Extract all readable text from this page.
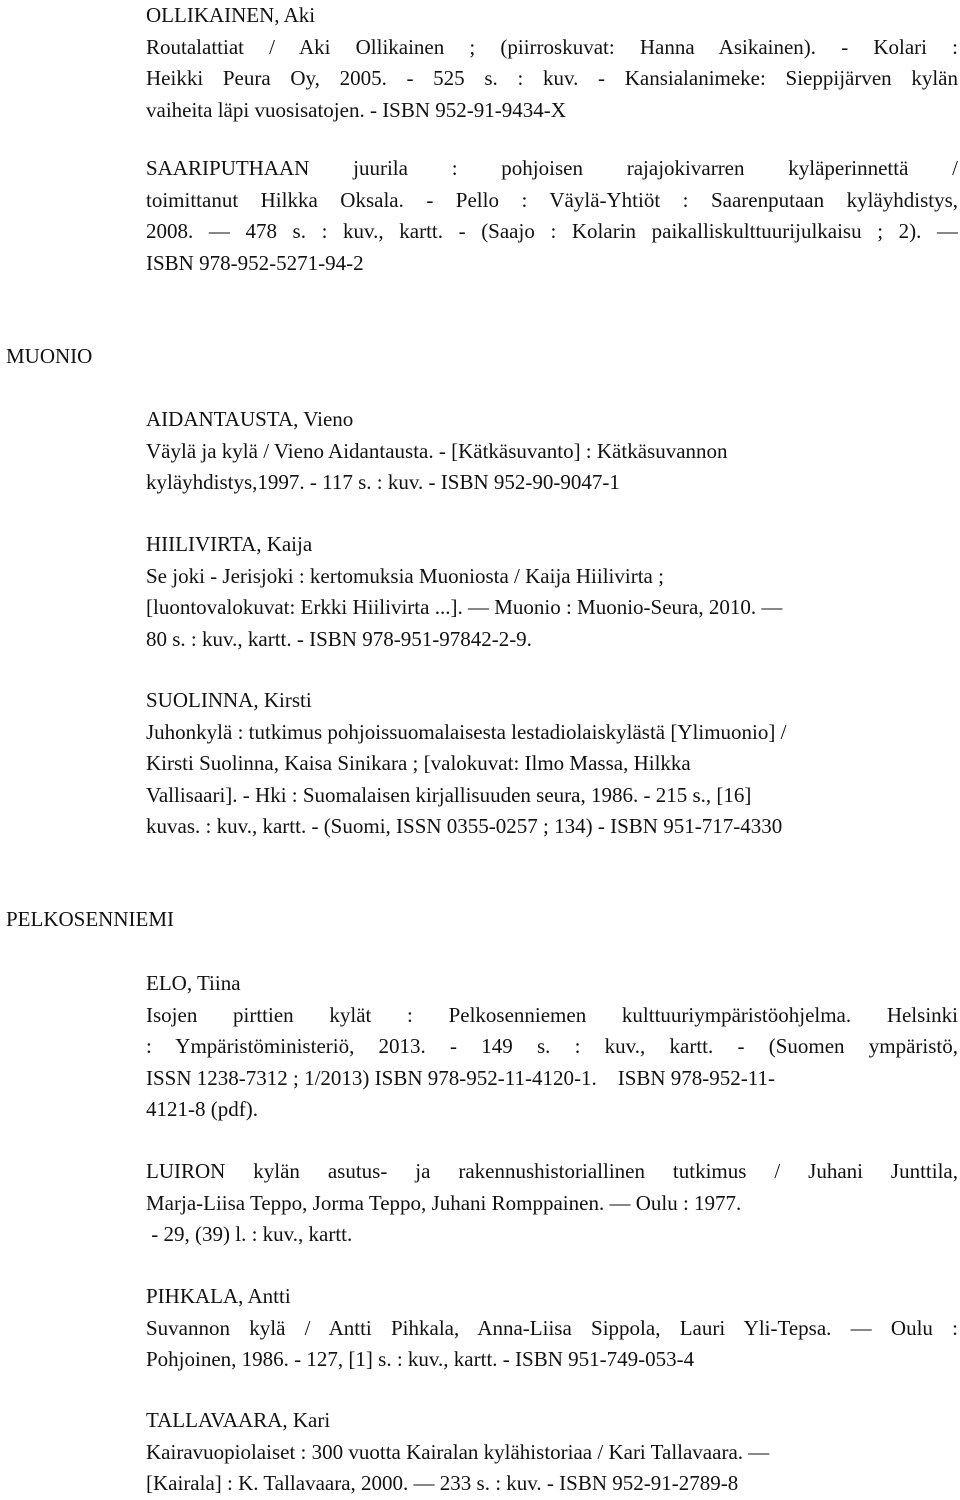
OLLIKAINEN, Aki
Routalattiat / Aki Ollikainen ; (piirroskuvat: Hanna Asikainen). - Kolari :
Heikki Peura Oy, 2005. - 525 s. : kuv. - Kansialanimeke: Sieppijärven kylän
vaiheita läpi vuosisatojen. - ISBN 952-91-9434-X
SAARIPUTHAAN juurila : pohjoisen rajajokivarren kyläperinnettä /
toimittanut Hilkka Oksala. - Pello : Väylä-Yhtiöt : Saarenputaan kyläyhdistys,
2008. — 478 s. : kuv., kartt. - (Saajo : Kolarin paikalliskulttuurijulkaisu ; 2). —
ISBN 978-952-5271-94-2
MUONIO
AIDANTAUSTA, Vieno
Väylä ja kylä / Vieno Aidantausta. - [Kätkäsuvanto] : Kätkäsuvannon
kyläyhdistys,1997. - 117 s. : kuv. - ISBN 952-90-9047-1
HIILIVIRTA, Kaija
Se joki - Jerisjoki : kertomuksia Muoniosta / Kaija Hiilivirta ;
[luontovalokuvat: Erkki Hiilivirta ...]. — Muonio : Muonio-Seura, 2010. —
80 s. : kuv., kartt. - ISBN 978-951-97842-2-9.
SUOLINNA, Kirsti
Juhonkylä : tutkimus pohjoissuomalaisesta lestadiolaiskylästä [Ylimuonio] /
Kirsti Suolinna, Kaisa Sinikara ; [valokuvat: Ilmo Massa, Hilkka
Vallisaari]. - Hki : Suomalaisen kirjallisuuden seura, 1986. - 215 s., [16]
kuvas. : kuv., kartt. - (Suomi, ISSN 0355-0257 ; 134) - ISBN 951-717-4330
PELKOSENNIEMI
ELO, Tiina
Isojen pirttien kylät : Pelkosenniemen kulttuuriympäristöohjelma. Helsinki
: Ympäristöministeriö, 2013. - 149 s. : kuv., kartt. - (Suomen ympäristö,
ISSN 1238-7312 ; 1/2013) ISBN 978-952-11-4120-1.    ISBN 978-952-11-
4121-8 (pdf).
LUIRON kylän asutus- ja rakennushistoriallinen tutkimus / Juhani Junttila,
Marja-Liisa Teppo, Jorma Teppo, Juhani Romppainen. — Oulu : 1977.
- 29, (39) l. : kuv., kartt.
PIHKALA, Antti
Suvannon kylä / Antti Pihkala, Anna-Liisa Sippola, Lauri Yli-Tepsa. — Oulu :
Pohjoinen, 1986. - 127, [1] s. : kuv., kartt. - ISBN 951-749-053-4
TALLAVAARA, Kari
Kairavuopiolaiset : 300 vuotta Kairalan kylähistoriaa / Kari Tallavaara. —
[Kairala] : K. Tallavaara, 2000. — 233 s. : kuv. - ISBN 952-91-2789-8
